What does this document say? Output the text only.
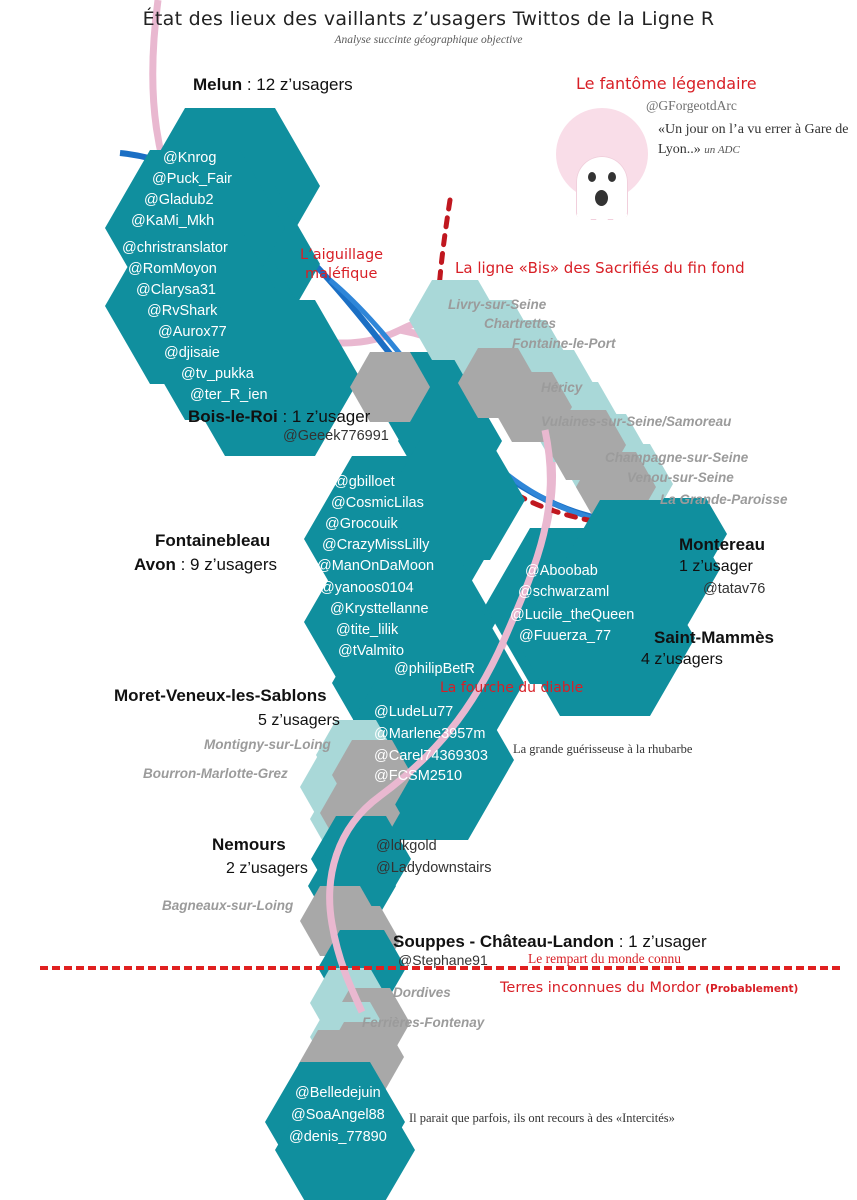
État des lieux des vaillants z’usagers Twittos de la Ligne R
Analyse succinte géographique objective
Le fantôme légendaire
@GForgeotdArc
«Un jour on l’a vu errer à Gare de Lyon..» un ADC
Melun : 12 z’usagers
@Knrog
@Puck_Fair
@Gladub2
@KaMi_Mkh
@christranslator
@RomMoyon
@Clarysa31
@RvShark
@Aurox77
@djisaie
@tv_pukka
@ter_R_ien
L’aiguillage
maléfique	La ligne «Bis» des Sacrifiés du fin fond
Livry-sur-Seine
Chartrettes
Fontaine-le-Port
Héricy
Vulaines-sur-Seine/Samoreau
Champagne-sur-Seine
Venou-sur-Seine
La Grande-Paroisse
Bois-le-Roi : 1 z’usager
@Geeek776991
Fontainebleau
Avon : 9 z’usagers
@gbilloet
@CosmicLilas
@Grocouik
@CrazyMissLilly
@ManOnDaMoon
@yanoos0104
@Krysttellanne
@tite_lilik
@tValmito
Montereau
1 z’usager
@tatav76
Saint-Mammès
4 z’usagers
@Aboobab
@schwarzaml
@Lucile_theQueen
@Fuuerza_77
Moret-Veneux-les-Sablons
5 z’usagers
@philipBetR
@LudeLu77
@Marlene3957m
@Carel74369303
@FCSM2510
Montigny-sur-Loing
Bourron-Marlotte-Grez
La fourche du diable
La grande guérisseuse à la rhubarbe
Nemours
2 z’usagers
@ldkgold
@Ladydownstairs
Bagneaux-sur-Loing
Souppes - Château-Landon : 1 z’usager
@Stephane91	Le rempart du monde connu
Terres inconnues du Mordor (Probablement)
Dordives
Ferrières-Fontenay
@Belledejuin
@SoaAngel88
@denis_77890
Il parait que parfois, ils ont recours à des «Intercités»
